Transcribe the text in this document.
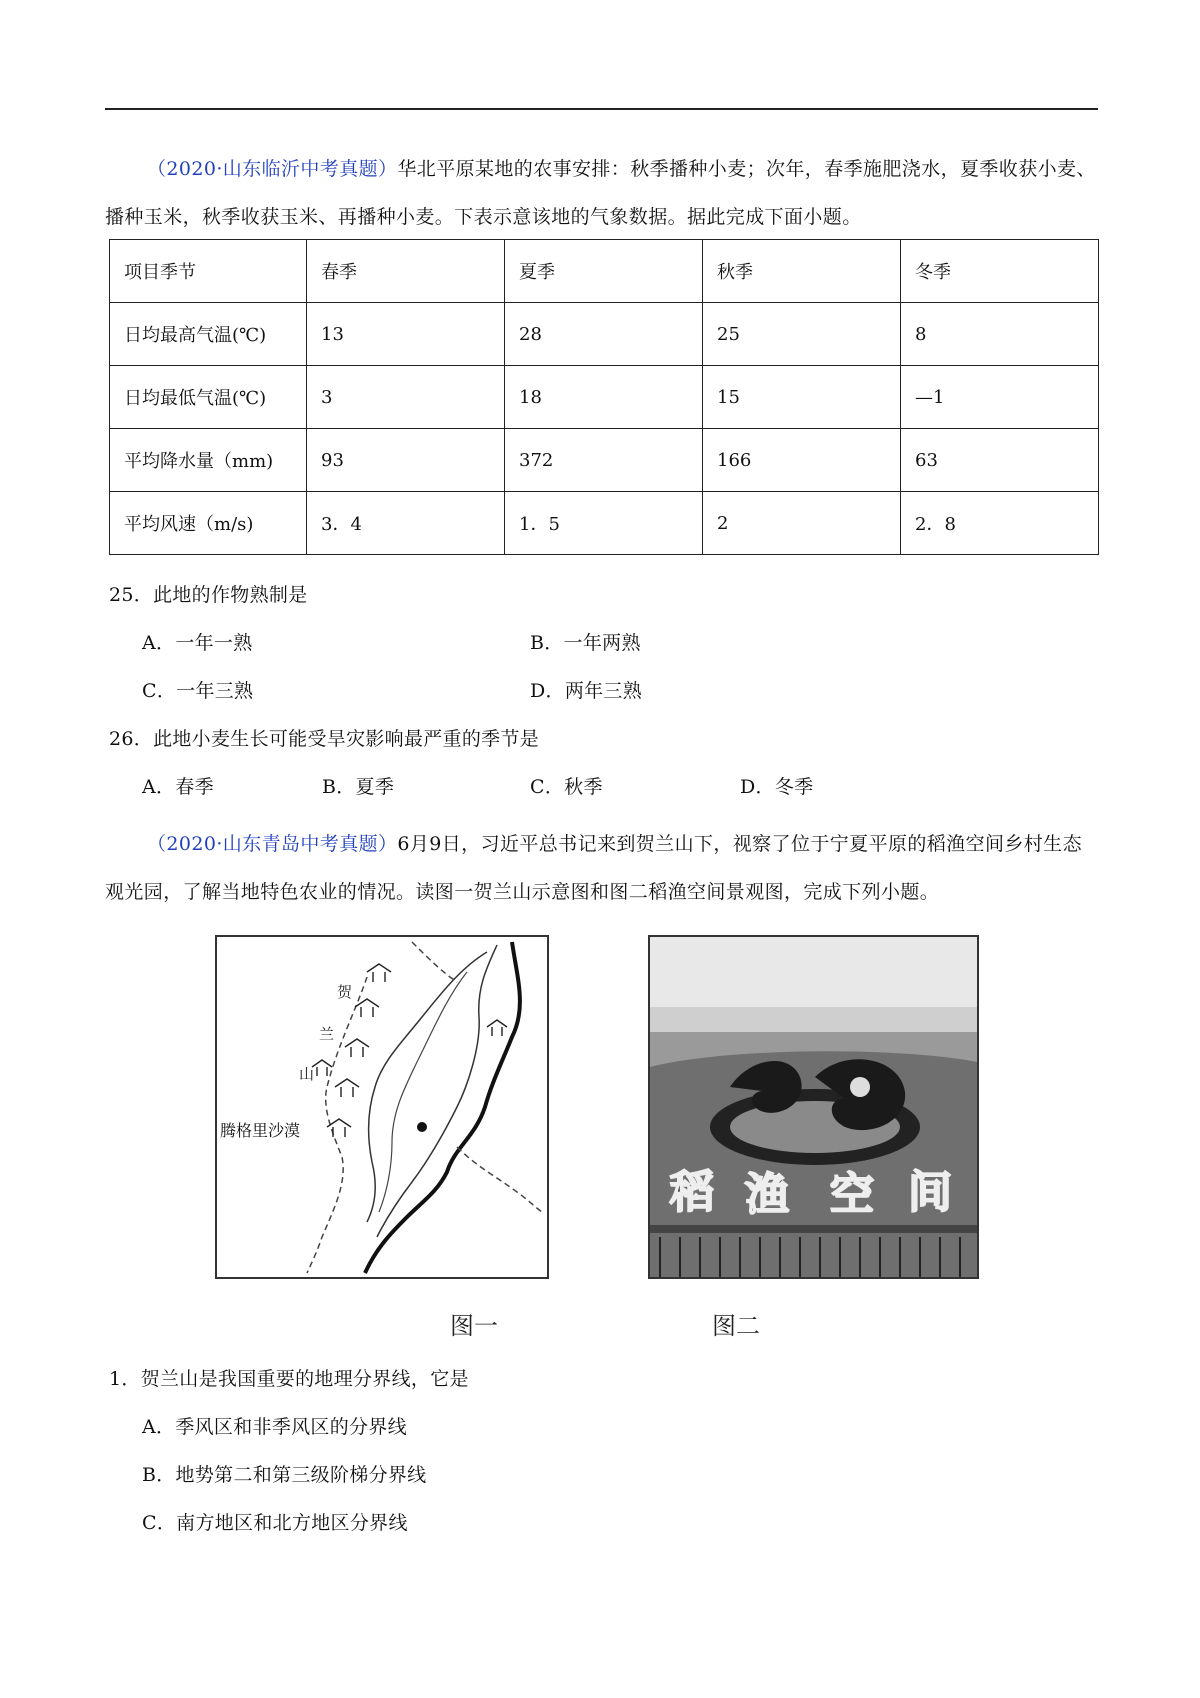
（2020·山东临沂中考真题）华北平原某地的农事安排：秋季播种小麦；次年，春季施肥浇水，夏季收获小麦、播种玉米，秋季收获玉米、再播种小麦。下表示意该地的气象数据。据此完成下面小题。
项目季节	春季	夏季	秋季	冬季
日均最高气温(℃)	13	28	25	8
日均最低气温(℃)	3	18	15	—1
平均降水量（mm)	93	372	166	63
平均风速（m/s)	3．4	1．5	2	2．8
25．此地的作物熟制是
A．一年一熟	B．一年两熟
C．一年三熟	D．两年三熟
26．此地小麦生长可能受旱灾影响最严重的季节是
A．春季	B．夏季	C．秋季	D．冬季
（2020·山东青岛中考真题）6月9日，习近平总书记来到贺兰山下，视察了位于宁夏平原的稻渔空间乡村生态观光园，了解当地特色农业的情况。读图一贺兰山示意图和图二稻渔空间景观图，完成下列小题。
贺
兰
山
腾格里沙漠
图一
稻 渔 空 间
图二
1．贺兰山是我国重要的地理分界线，它是
A．季风区和非季风区的分界线
B．地势第二和第三级阶梯分界线
C．南方地区和北方地区分界线
